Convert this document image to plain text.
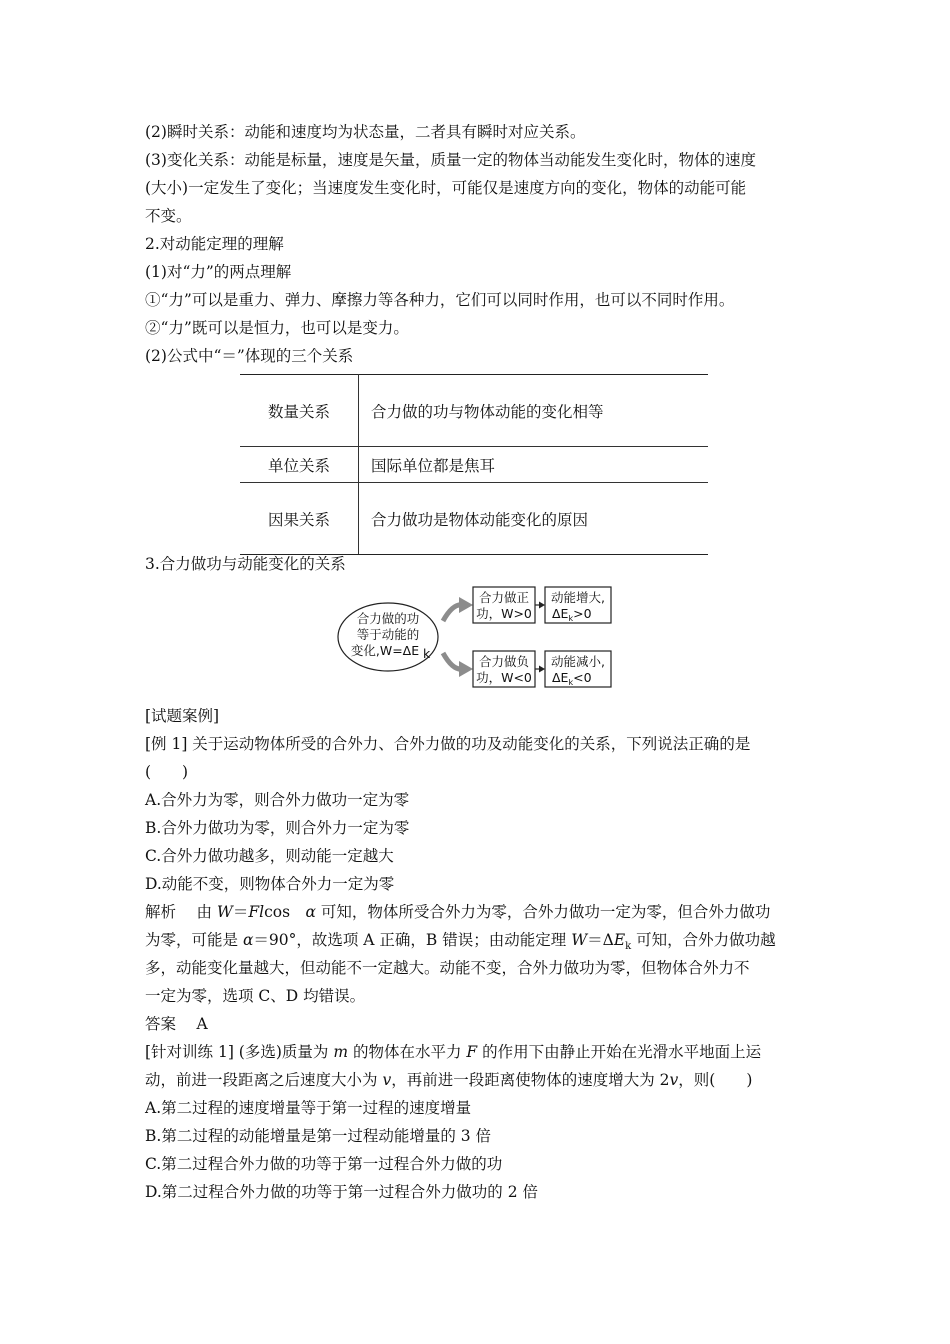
(2)瞬时关系：动能和速度均为状态量，二者具有瞬时对应关系。
(3)变化关系：动能是标量，速度是矢量，质量一定的物体当动能发生变化时，物体的速度
(大小)一定发生了变化；当速度发生变化时，可能仅是速度方向的变化，物体的动能可能
不变。
2.对动能定理的理解
(1)对“力”的两点理解
①“力”可以是重力、弹力、摩擦力等各种力，它们可以同时作用，也可以不同时作用。
②“力”既可以是恒力，也可以是变力。
(2)公式中“＝”体现的三个关系
数量关系	合力做的功与物体动能的变化相等
单位关系	国际单位都是焦耳
因果关系	合力做功是物体动能变化的原因
3.合力做功与动能变化的关系
合力做的功
等于动能的
变化,W=ΔE k
合力做正
功，W>0
动能增大,
$\Delta E_k>0$
合力做负
功，W<0
动能减小,
$\Delta E_k<0$
[试题案例]
[例 1] 关于运动物体所受的合外力、合外力做的功及动能变化的关系，下列说法正确的是
(　　)
A.合外力为零，则合外力做功一定为零
B.合外力做功为零，则合外力一定为零
C.合外力做功越多，则动能一定越大
D.动能不变，则物体合外力一定为零
解析　 由 W＝Flcos　α 可知，物体所受合外力为零，合外力做功一定为零，但合外力做功
为零，可能是 α＝90°，故选项 A 正确，B 错误；由动能定理 $W=\Delta E_k$ 可知，合外力做功越
多，动能变化量越大，但动能不一定越大。动能不变，合外力做功为零，但物体合外力不
一定为零，选项 C、D 均错误。
答案　 A
[针对训练 1] (多选)质量为 m 的物体在水平力 F 的作用下由静止开始在光滑水平地面上运
动，前进一段距离之后速度大小为 v，再前进一段距离使物体的速度增大为 2v，则(　　)
A.第二过程的速度增量等于第一过程的速度增量
B.第二过程的动能增量是第一过程动能增量的 3 倍
C.第二过程合外力做的功等于第一过程合外力做的功
D.第二过程合外力做的功等于第一过程合外力做功的 2 倍
